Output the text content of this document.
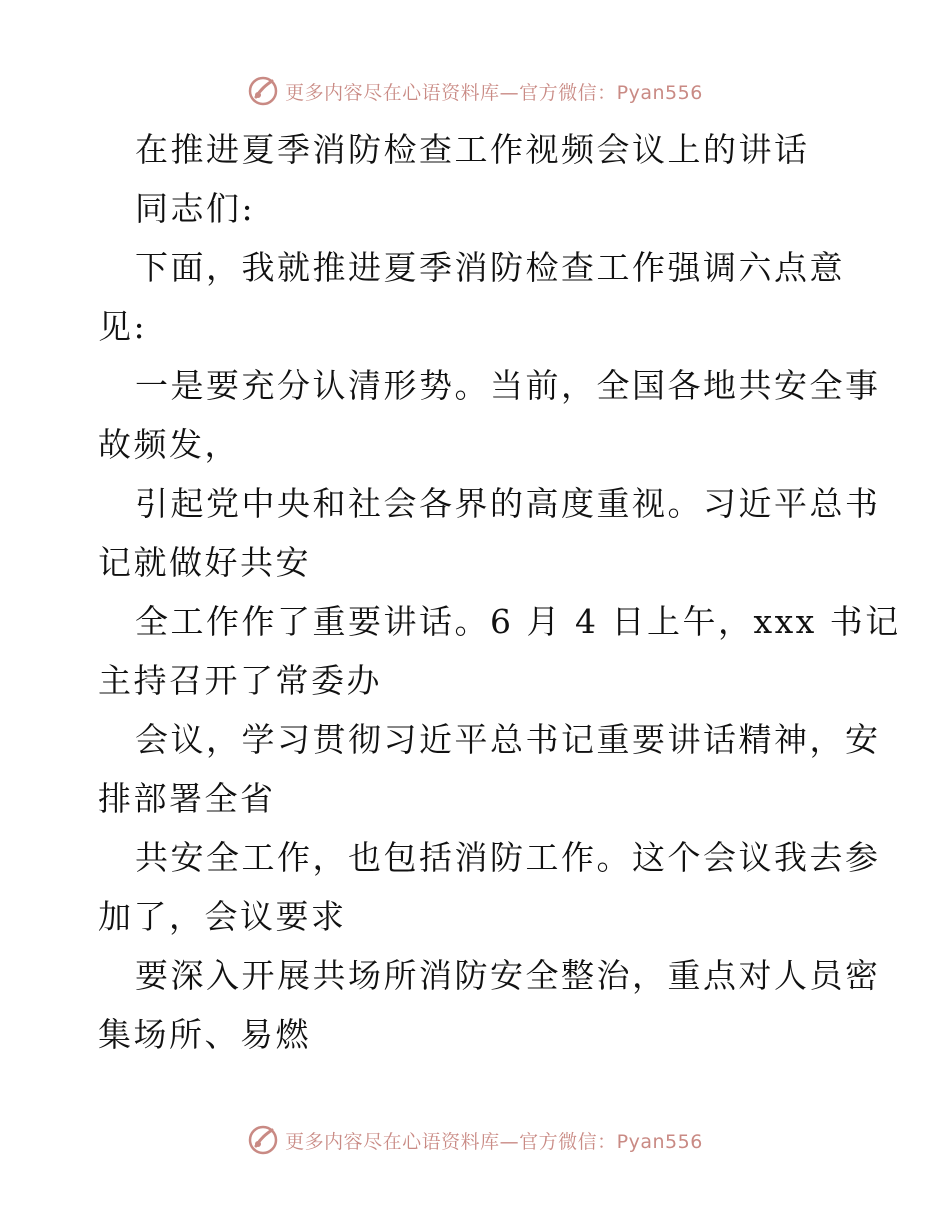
更多内容尽在心语资料库—官方微信：Pyan556
在推进夏季消防检查工作视频会议上的讲话
同志们:
下面，我就推进夏季消防检查工作强调六点意
见:
一是要充分认清形势。当前，全国各地共安全事
故频发，
引起党中央和社会各界的高度重视。习近平总书
记就做好共安
全工作作了重要讲话。6 月 4 日上午，xxx 书记
主持召开了常委办
会议，学习贯彻习近平总书记重要讲话精神，安
排部署全省
共安全工作，也包括消防工作。这个会议我去参
加了，会议要求
要深入开展共场所消防安全整治，重点对人员密
集场所、易燃
更多内容尽在心语资料库—官方微信：Pyan556
